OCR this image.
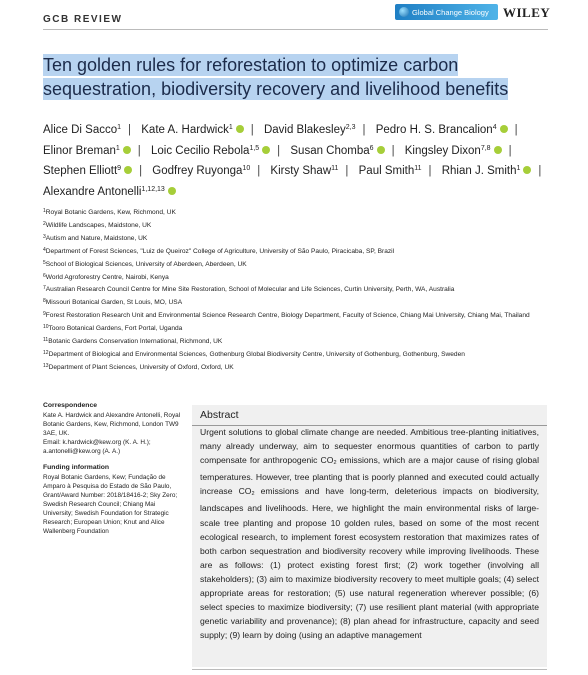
GCB REVIEW
Global Change Biology WILEY
Ten golden rules for reforestation to optimize carbon sequestration, biodiversity recovery and livelihood benefits
Alice Di Sacco$^1$ | Kate A. Hardwick$^1$ | David Blakesley$^{2,3}$ | Pedro H. S. Brancalion$^4$ | Elinor Breman$^1$ | Loic Cecilio Rebola$^{1,5}$ | Susan Chomba$^6$ | Kingsley Dixon$^{7,8}$ | Stephen Elliott$^9$ | Godfrey Ruyonga$^{10}$ | Kirsty Shaw$^{11}$ | Paul Smith$^{11}$ | Rhian J. Smith$^1$ | Alexandre Antonelli$^{1,12,13}$
$^1$Royal Botanic Gardens, Kew, Richmond, UK
$^2$Wildlife Landscapes, Maidstone, UK
$^3$Autism and Nature, Maidstone, UK
$^4$Department of Forest Sciences, "Luiz de Queiroz" College of Agriculture, University of São Paulo, Piracicaba, SP, Brazil
$^5$School of Biological Sciences, University of Aberdeen, Aberdeen, UK
$^6$World Agroforestry Centre, Nairobi, Kenya
$^7$Australian Research Council Centre for Mine Site Restoration, School of Molecular and Life Sciences, Curtin University, Perth, WA, Australia
$^8$Missouri Botanical Garden, St Louis, MO, USA
$^9$Forest Restoration Research Unit and Environmental Science Research Centre, Biology Department, Faculty of Science, Chiang Mai University, Chiang Mai, Thailand
$^{10}$Tooro Botanical Gardens, Fort Portal, Uganda
$^{11}$Botanic Gardens Conservation International, Richmond, UK
$^{12}$Department of Biological and Environmental Sciences, Gothenburg Global Biodiversity Centre, University of Gothenburg, Gothenburg, Sweden
$^{13}$Department of Plant Sciences, University of Oxford, Oxford, UK
Correspondence

Kate A. Hardwick and Alexandre Antonelli, Royal Botanic Gardens, Kew, Richmond, London TW9 3AE, UK.
Email: k.hardwick@kew.org (K. A. H.);
a.antonelli@kew.org (A. A.)

Funding information

Royal Botanic Gardens, Kew; Fundação de Amparo à Pesquisa do Estado de São Paulo, Grant/Award Number: 2018/18416-2; Sky Zero; Swedish Research Council; Chiang Mai University; Swedish Foundation for Strategic Research; European Union; Knut and Alice Wallenberg Foundation

Abstract

Urgent solutions to global climate change are needed. Ambitious tree-planting initiatives, many already underway, aim to sequester enormous quantities of carbon to partly compensate for anthropogenic $CO_2$ emissions, which are a major cause of rising global temperatures. However, tree planting that is poorly planned and executed could actually increase $CO_2$ emissions and have long-term, deleterious impacts on biodiversity, landscapes and livelihoods. Here, we highlight the main environmental risks of large-scale tree planting and propose 10 golden rules, based on some of the most recent ecological research, to implement forest ecosystem restoration that maximizes rates of both carbon sequestration and biodiversity recovery while improving livelihoods. These are as follows: (1) protect existing forest first; (2) work together (involving all stakeholders); (3) aim to maximize biodiversity recovery to meet multiple goals; (4) select appropriate areas for restoration; (5) use natural regeneration wherever possible; (6) select species to maximize biodiversity; (7) use resilient plant material (with appropriate genetic variability and provenance); (8) plan ahead for infrastructure, capacity and seed supply; (9) learn by doing (using an adaptive management
